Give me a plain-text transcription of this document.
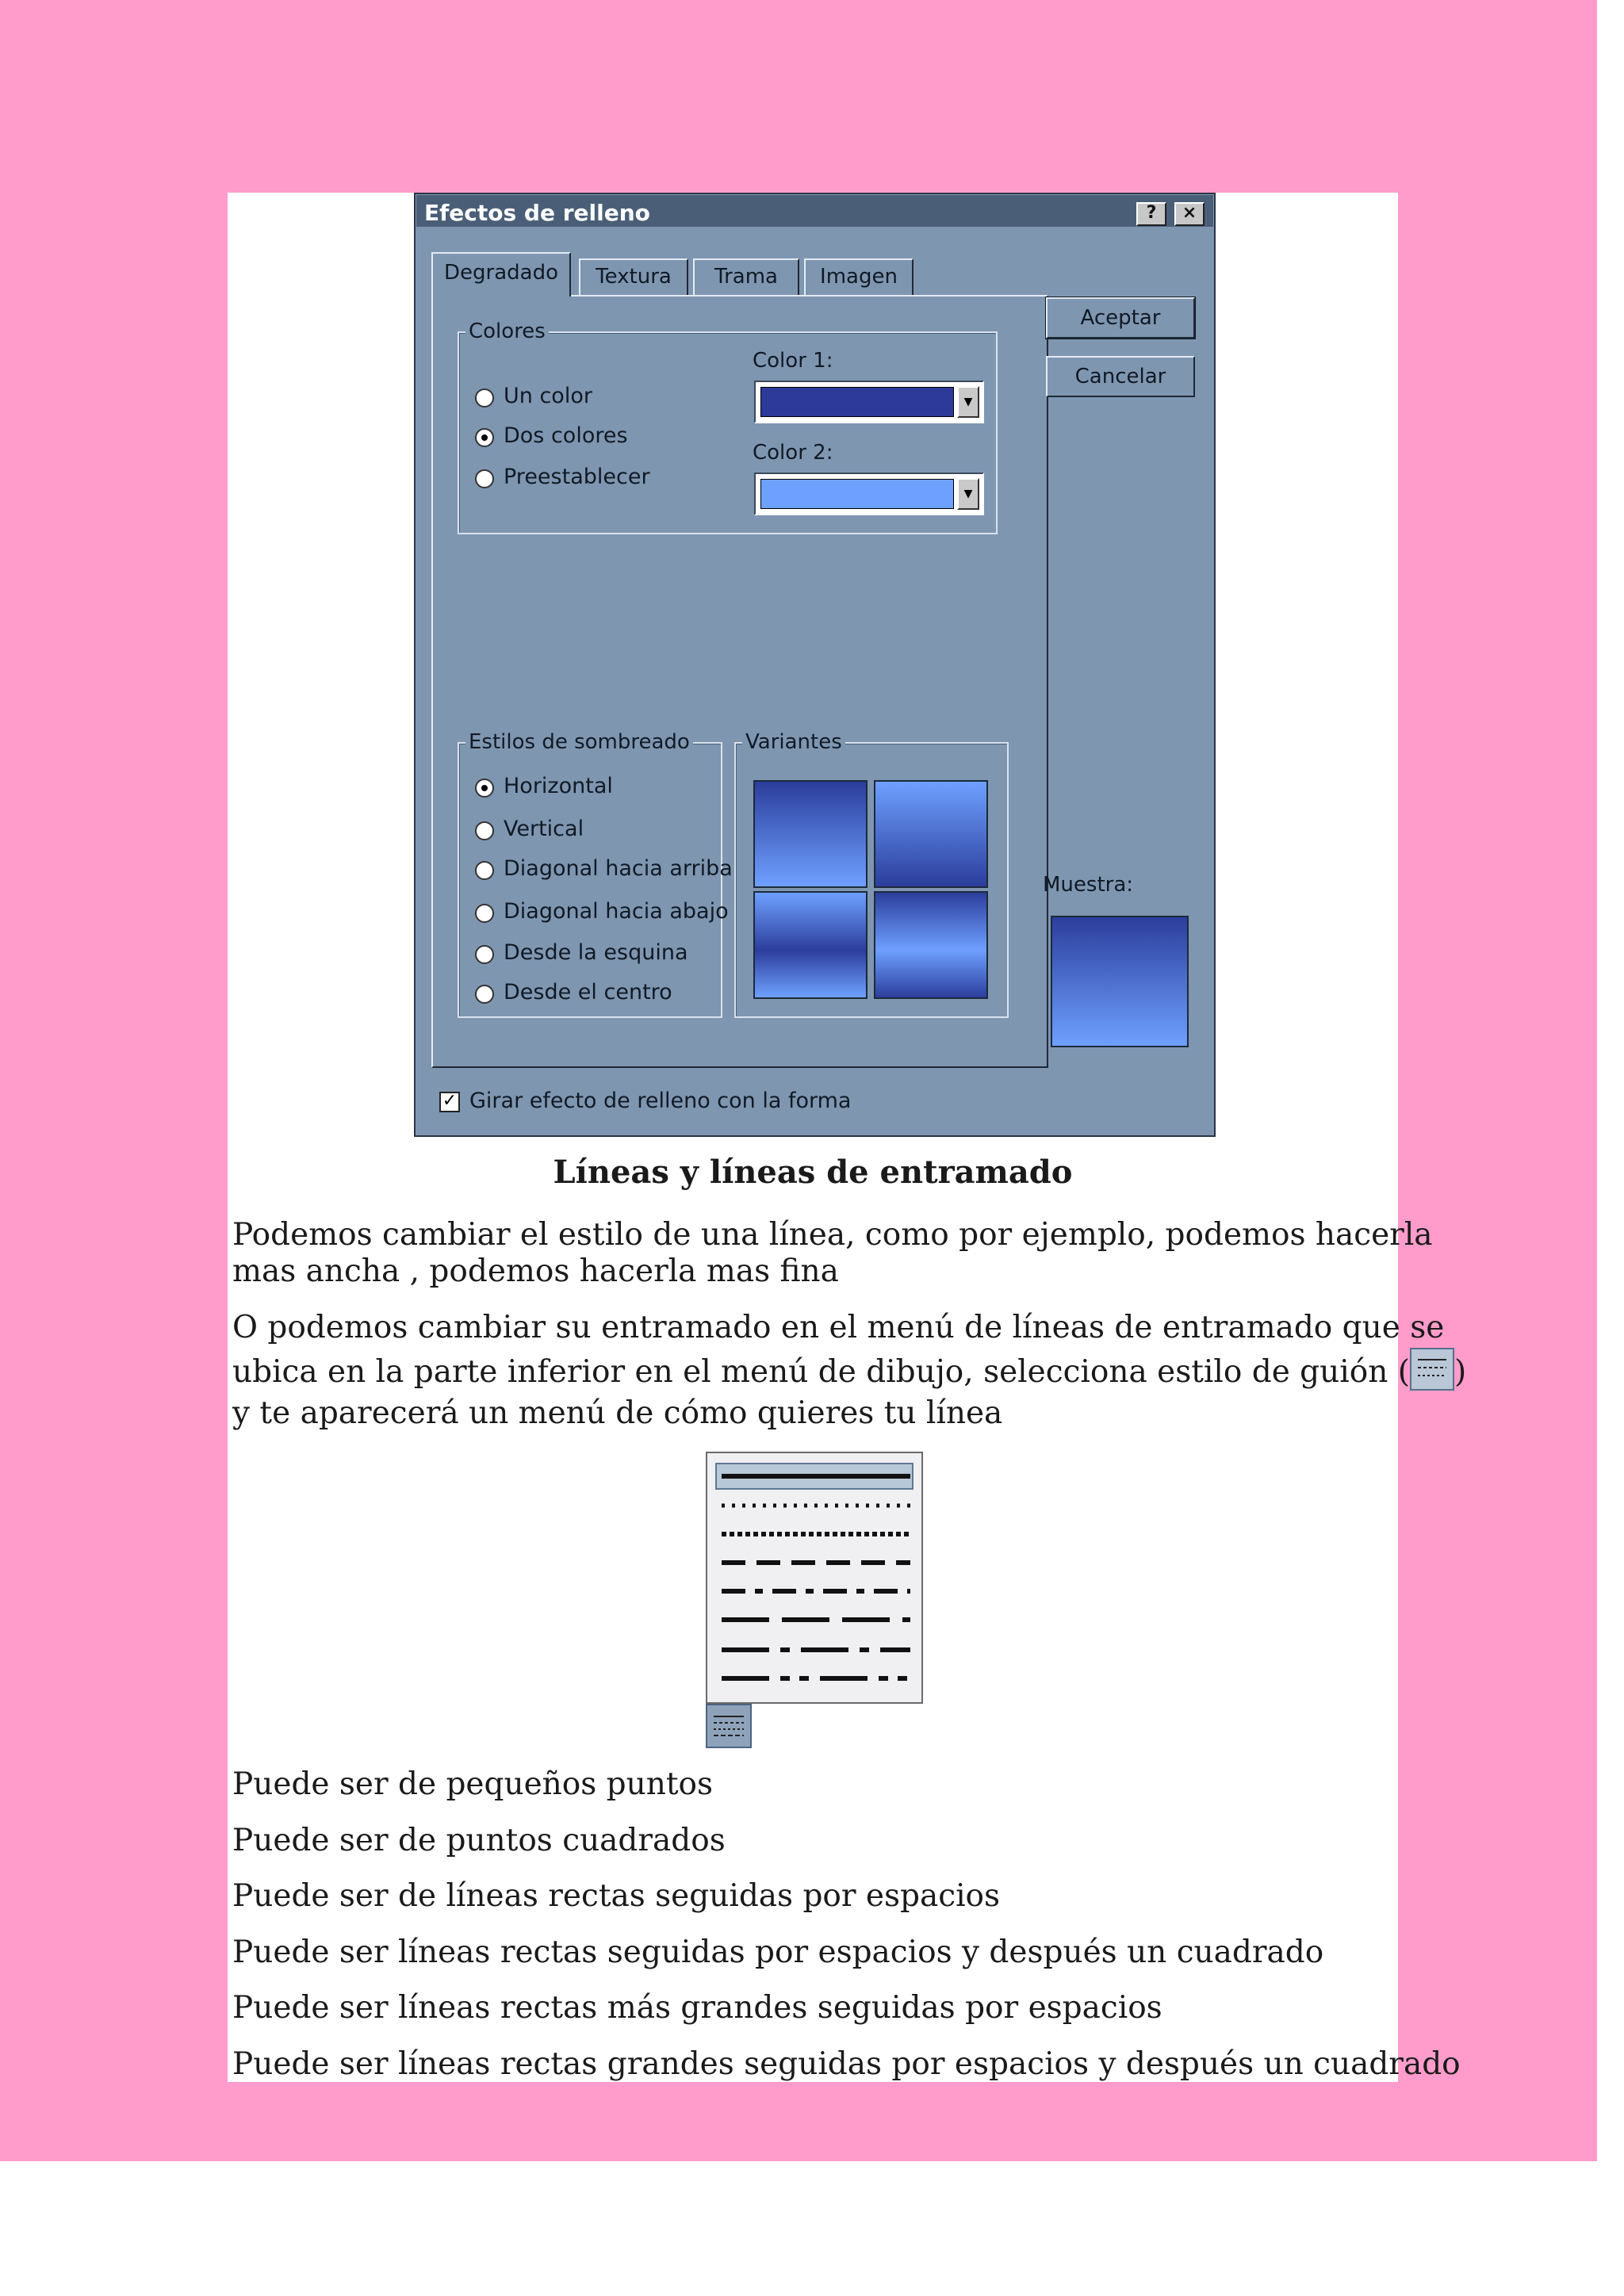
Efectos de relleno	?	×
Degradado	Textura	Trama	Imagen
Colores
Un color
Dos colores
Preestablecer
Color 1:
▼
Color 2:
▼
Estilos de sombreado
Horizontal
Vertical
Diagonal hacia arriba
Diagonal hacia abajo
Desde la esquina
Desde el centro
Variantes
Aceptar
Cancelar
Muestra:
✓ Girar efecto de relleno con la forma
Líneas y líneas de entramado
Podemos cambiar el estilo de una línea, como por ejemplo, podemos hacerla
mas ancha , podemos hacerla mas fina
O podemos cambiar su entramado en el menú de líneas de entramado que se
ubica en la parte inferior en el menú de dibujo, selecciona estilo de guión ( )
y te aparecerá un menú de cómo quieres tu línea
Puede ser de pequeños puntos
Puede ser de puntos cuadrados
Puede ser de líneas rectas seguidas por espacios
Puede ser líneas rectas seguidas por espacios y después un cuadrado
Puede ser líneas rectas más grandes seguidas por espacios
Puede ser líneas rectas grandes seguidas por espacios y después un cuadrado
